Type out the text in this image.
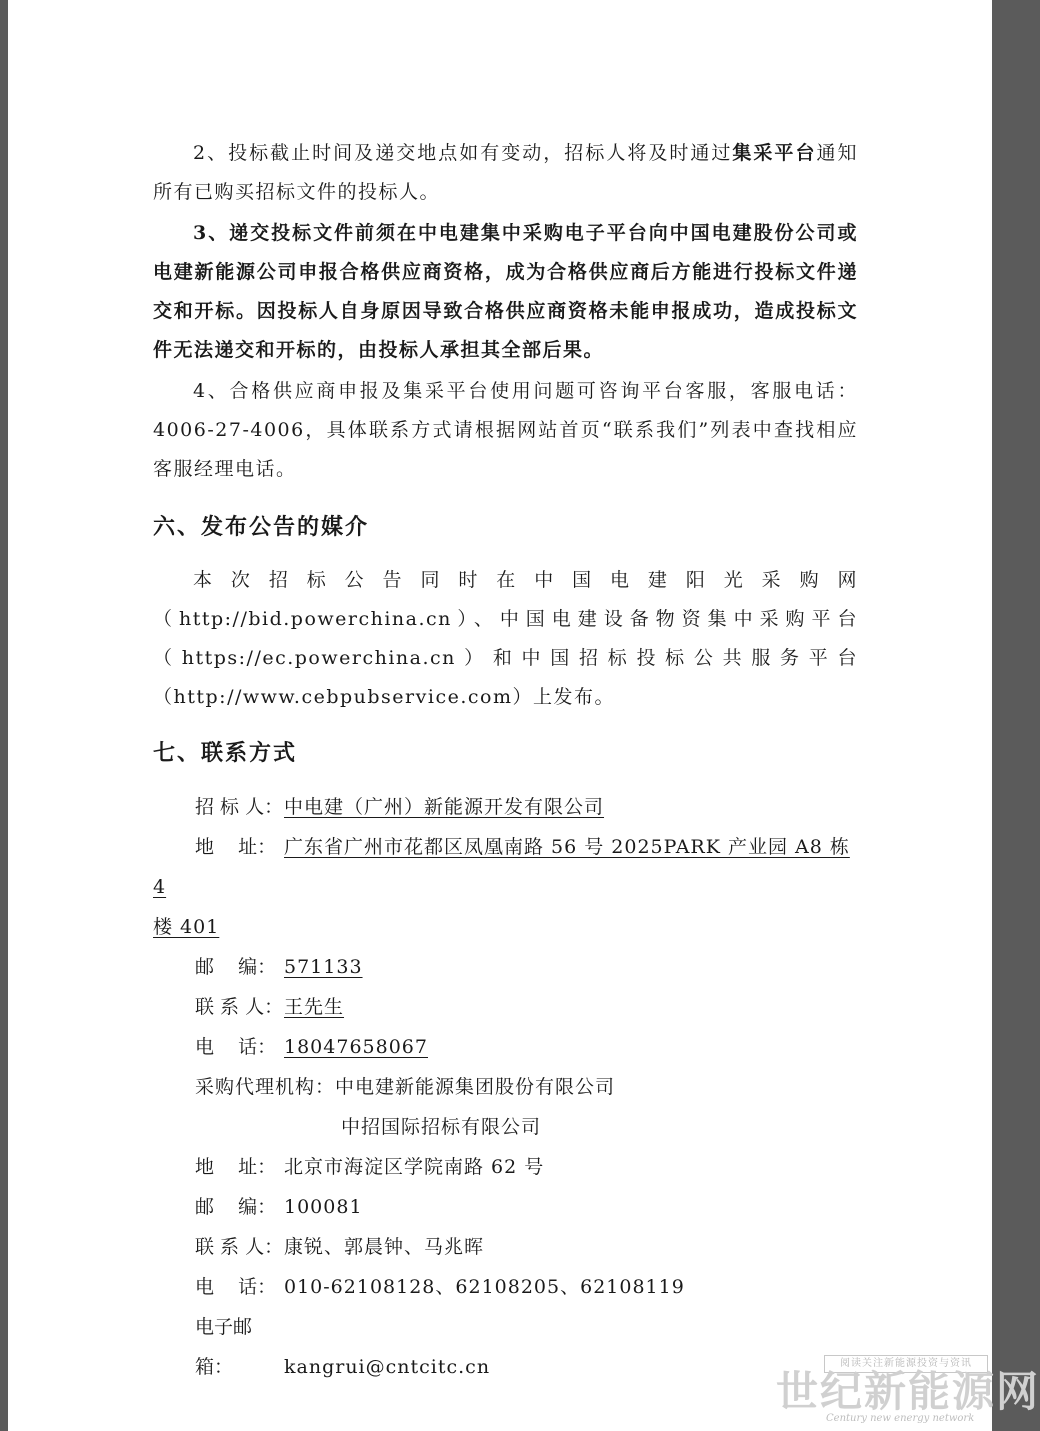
2、投标截止时间及递交地点如有变动，招标人将及时通过集采平台通知所有已购买招标文件的投标人。

3、递交投标文件前须在中电建集中采购电子平台向中国电建股份公司或电建新能源公司申报合格供应商资格，成为合格供应商后方能进行投标文件递交和开标。因投标人自身原因导致合格供应商资格未能申报成功，造成投标文件无法递交和开标的，由投标人承担其全部后果。

4、合格供应商申报及集采平台使用问题可咨询平台客服，客服电话：4006-27-4006，具体联系方式请根据网站首页“联系我们”列表中查找相应客服经理电话。

六、发布公告的媒介

本次招标公告同时在中国电建阳光采购网（http://bid.powerchina.cn）、中国电建设备物资集中采购平台（https://ec.powerchina.cn）和中国招标投标公共服务平台（http://www.cebpubservice.com）上发布。

七、联系方式

招 标 人：中电建（广州）新能源开发有限公司

地    址： 广东省广州市花都区凤凰南路 56 号 2025PARK 产业园 A8 栋 4

楼 401

邮    编： 571133

联 系 人：王先生

电    话： 18047658067

采购代理机构：中电建新能源集团股份有限公司

中招国际招标有限公司

地    址： 北京市海淀区学院南路 62 号

邮    编： 100081

联 系 人：康锐、郭晨钟、马兆晖

电    话： 010-62108128、62108205、62108119

电子邮箱：	kangrui@cntcitc.cn	阅读关注新能源投资与资讯
世纪新能源网
Century new energy network
